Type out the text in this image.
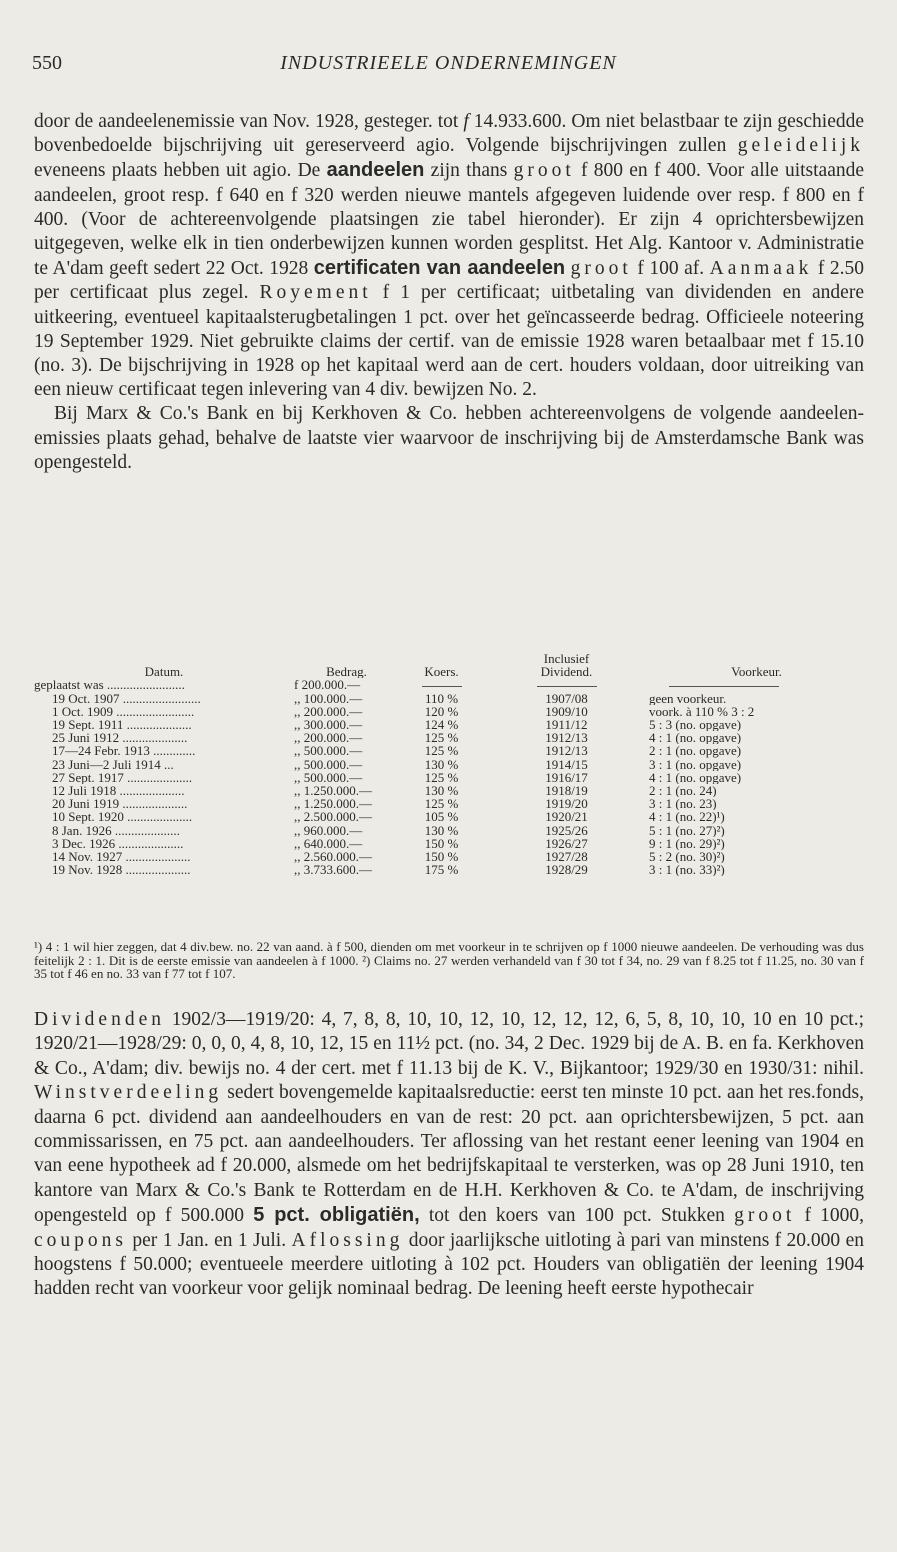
550	INDUSTRIEELE ONDERNEMINGEN

door de aandeelenemissie van Nov. 1928, gesteger. tot f 14.933.600. Om niet belastbaar te zijn geschiedde bovenbedoelde bijschrijving uit gereserveerd agio. Volgende bijschrijvingen zullen geleidelijk eveneens plaats hebben uit agio. De aandeelen zijn thans groot f 800 en f 400. Voor alle uitstaande aandeelen, groot resp. f 640 en f 320 werden nieuwe mantels afgegeven luidende over resp. f 800 en f 400. (Voor de achtereenvolgende plaatsingen zie tabel hieronder). Er zijn 4 oprichtersbewijzen uitgegeven, welke elk in tien onderbewijzen kunnen worden gesplitst. Het Alg. Kantoor v. Administratie te A'dam geeft sedert 22 Oct. 1928 certificaten van aandeelen groot f 100 af. Aanmaak f 2.50 per certificaat plus zegel. Royement f 1 per certificaat; uitbetaling van dividenden en andere uitkeering, eventueel kapitaalsterugbetalingen 1 pct. over het geïncasseerde bedrag. Officieele noteering 19 September 1929. Niet gebruikte claims der certif. van de emissie 1928 waren betaalbaar met f 15.10 (no. 3). De bijschrijving in 1928 op het kapitaal werd aan de cert. houders voldaan, door uitreiking van een nieuw certificaat tegen inlevering van 4 div. bewijzen No. 2.

Bij Marx & Co.'s Bank en bij Kerkhoven & Co. hebben achtereenvolgens de volgende aandeelen-emissies plaats gehad, behalve de laatste vier waarvoor de inschrijving bij de Amsterdamsche Bank was opengesteld.

			Inclusief	
Datum.	Bedrag.	Koers.	Dividend.	Voorkeur.
geplaatst was ........................	f 200.000.—			
19 Oct. 1907 ........................	,, 100.000.—	110 %	1907/08	geen voorkeur.
1 Oct. 1909 ........................	,, 200.000.—	120 %	1909/10	voork. à 110 % 3 : 2
19 Sept. 1911 ....................	,, 300.000.—	124 %	1911/12	5 : 3 (no. opgave)
25 Juni 1912 ....................	,, 200.000.—	125 %	1912/13	4 : 1 (no. opgave)
17—24 Febr. 1913 .............	,, 500.000.—	125 %	1912/13	2 : 1 (no. opgave)
23 Juni—2 Juli 1914 ...	,, 500.000.—	130 %	1914/15	3 : 1 (no. opgave)
27 Sept. 1917 ....................	,, 500.000.—	125 %	1916/17	4 : 1 (no. opgave)
12 Juli 1918 ....................	,, 1.250.000.—	130 %	1918/19	2 : 1 (no. 24)
20 Juni 1919 ....................	,, 1.250.000.—	125 %	1919/20	3 : 1 (no. 23)
10 Sept. 1920 ....................	,, 2.500.000.—	105 %	1920/21	4 : 1 (no. 22)¹)
8 Jan. 1926 ....................	,, 960.000.—	130 %	1925/26	5 : 1 (no. 27)²)
3 Dec. 1926 ....................	,, 640.000.—	150 %	1926/27	9 : 1 (no. 29)²)
14 Nov. 1927 ....................	,, 2.560.000.—	150 %	1927/28	5 : 2 (no. 30)²)
19 Nov. 1928 ....................	,, 3.733.600.—	175 %	1928/29	3 : 1 (no. 33)²)
¹) 4 : 1 wil hier zeggen, dat 4 div.bew. no. 22 van aand. à f 500, dienden om met voorkeur in te schrijven op f 1000 nieuwe aandeelen. De verhouding was dus feitelijk 2 : 1. Dit is de eerste emissie van aandeelen à f 1000. ²) Claims no. 27 werden verhandeld van f 30 tot f 34, no. 29 van f 8.25 tot f 11.25, no. 30 van f 35 tot f 46 en no. 33 van f 77 tot f 107.

Dividenden 1902/3—1919/20: 4, 7, 8, 8, 10, 10, 12, 10, 12, 12, 12, 6, 5, 8, 10, 10, 10 en 10 pct.; 1920/21—1928/29: 0, 0, 0, 4, 8, 10, 12, 15 en 11½ pct. (no. 34, 2 Dec. 1929 bij de A. B. en fa. Kerkhoven & Co., A'dam; div. bewijs no. 4 der cert. met f 11.13 bij de K. V., Bijkantoor; 1929/30 en 1930/31: nihil. Winstverdeeling sedert bovengemelde kapitaalsreductie: eerst ten minste 10 pct. aan het res.fonds, daarna 6 pct. dividend aan aandeelhouders en van de rest: 20 pct. aan oprichtersbewijzen, 5 pct. aan commissarissen, en 75 pct. aan aandeelhouders. Ter aflossing van het restant eener leening van 1904 en van eene hypotheek ad f 20.000, alsmede om het bedrijfskapitaal te versterken, was op 28 Juni 1910, ten kantore van Marx & Co.'s Bank te Rotterdam en de H.H. Kerkhoven & Co. te A'dam, de inschrijving opengesteld op f 500.000 5 pct. obligatiën, tot den koers van 100 pct. Stukken groot f 1000, coupons per 1 Jan. en 1 Juli. Aflossing door jaarlijksche uitloting à pari van minstens f 20.000 en hoogstens f 50.000; eventueele meerdere uitloting à 102 pct. Houders van obligatiën der leening 1904 hadden recht van voorkeur voor gelijk nominaal bedrag. De leening heeft eerste hypothecair
